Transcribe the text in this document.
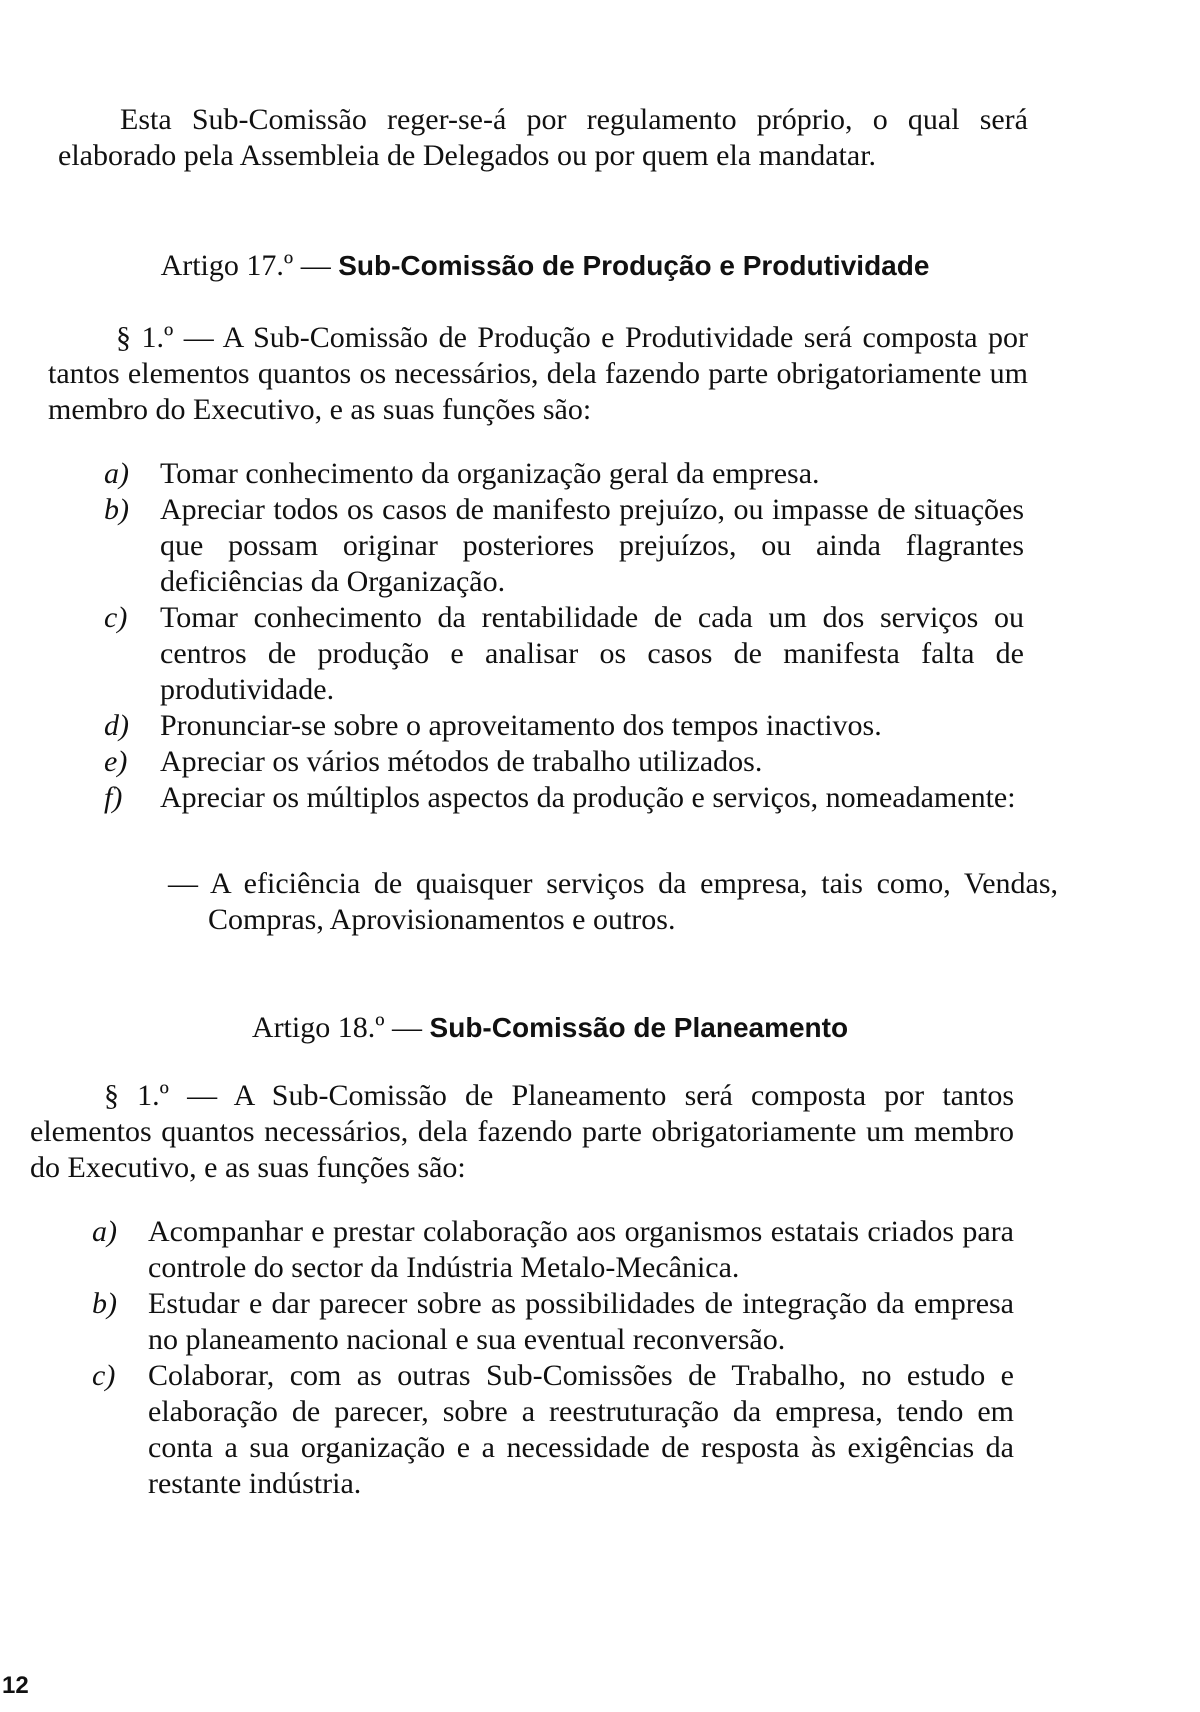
Esta Sub-Comissão reger-se-á por regulamento próprio, o qual será elaborado pela Assembleia de Delegados ou por quem ela mandatar.
Artigo 17.º — Sub-Comissão de Produção e Produtividade
§ 1.º — A Sub-Comissão de Produção e Produtividade será composta por tantos elementos quantos os necessários, dela fazendo parte obrigatoriamente um membro do Executivo, e as suas funções são:
a)	Tomar conhecimento da organização geral da empresa.
b)	Apreciar todos os casos de manifesto prejuízo, ou impasse de situações que possam originar posteriores prejuízos, ou ainda flagrantes deficiências da Organização.
c)	Tomar conhecimento da rentabilidade de cada um dos serviços ou centros de produção e analisar os casos de manifesta falta de produtividade.
d)	Pronunciar-se sobre o aproveitamento dos tempos inactivos.
e)	Apreciar os vários métodos de trabalho utilizados.
f)	Apreciar os múltiplos aspectos da produção e serviços, nomeadamente:
— A eficiência de quaisquer serviços da empresa, tais como, Vendas, Compras, Aprovisionamentos e outros.
Artigo 18.º — Sub-Comissão de Planeamento
§ 1.º — A Sub-Comissão de Planeamento será composta por tantos elementos quantos necessários, dela fazendo parte obrigatoriamente um membro do Executivo, e as suas funções são:
a)	Acompanhar e prestar colaboração aos organismos estatais criados para controle do sector da Indústria Metalo-Mecânica.
b)	Estudar e dar parecer sobre as possibilidades de integração da empresa no planeamento nacional e sua eventual reconversão.
c)	Colaborar, com as outras Sub-Comissões de Trabalho, no estudo e elaboração de parecer, sobre a reestruturação da empresa, tendo em conta a sua organização e a necessidade de resposta às exigências da restante indústria.
12
